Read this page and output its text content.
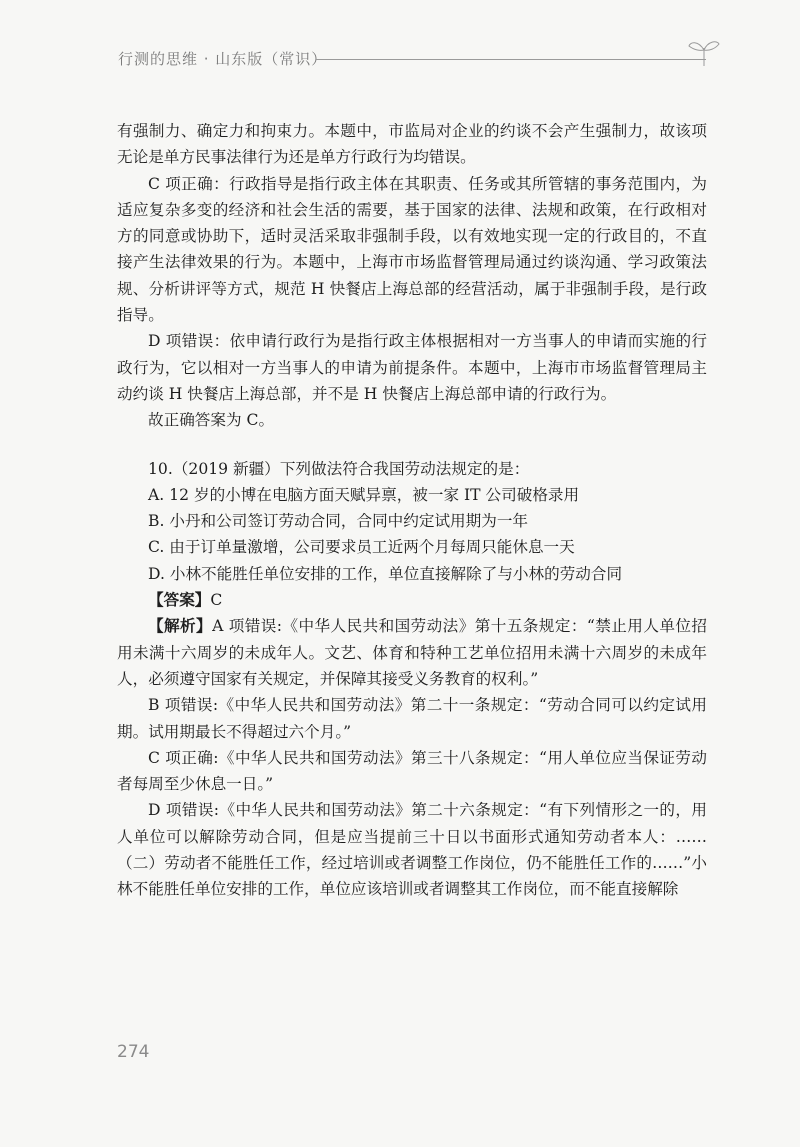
行测的思维 · 山东版（常识）

有强制力、确定力和拘束力。本题中，市监局对企业的约谈不会产生强制力，故该项无论是单方民事法律行为还是单方行政行为均错误。

C 项正确：行政指导是指行政主体在其职责、任务或其所管辖的事务范围内，为适应复杂多变的经济和社会生活的需要，基于国家的法律、法规和政策，在行政相对方的同意或协助下，适时灵活采取非强制手段，以有效地实现一定的行政目的，不直接产生法律效果的行为。本题中，上海市市场监督管理局通过约谈沟通、学习政策法规、分析讲评等方式，规范 H 快餐店上海总部的经营活动，属于非强制手段，是行政指导。

D 项错误：依申请行政行为是指行政主体根据相对一方当事人的申请而实施的行政行为，它以相对一方当事人的申请为前提条件。本题中，上海市市场监督管理局主动约谈 H 快餐店上海总部，并不是 H 快餐店上海总部申请的行政行为。

故正确答案为 C。

10.（2019 新疆）下列做法符合我国劳动法规定的是：

A. 12 岁的小博在电脑方面天赋异禀，被一家 IT 公司破格录用

B. 小丹和公司签订劳动合同，合同中约定试用期为一年

C. 由于订单量激增，公司要求员工近两个月每周只能休息一天

D. 小林不能胜任单位安排的工作，单位直接解除了与小林的劳动合同

【答案】C

【解析】A 项错误:《中华人民共和国劳动法》第十五条规定：“禁止用人单位招用未满十六周岁的未成年人。文艺、体育和特种工艺单位招用未满十六周岁的未成年人，必须遵守国家有关规定，并保障其接受义务教育的权利。”

B 项错误:《中华人民共和国劳动法》第二十一条规定：“劳动合同可以约定试用期。试用期最长不得超过六个月。”

C 项正确:《中华人民共和国劳动法》第三十八条规定：“用人单位应当保证劳动者每周至少休息一日。”

D 项错误:《中华人民共和国劳动法》第二十六条规定：“有下列情形之一的，用人单位可以解除劳动合同，但是应当提前三十日以书面形式通知劳动者本人：……（二）劳动者不能胜任工作，经过培训或者调整工作岗位，仍不能胜任工作的……”小林不能胜任单位安排的工作，单位应该培训或者调整其工作岗位，而不能直接解除

274
